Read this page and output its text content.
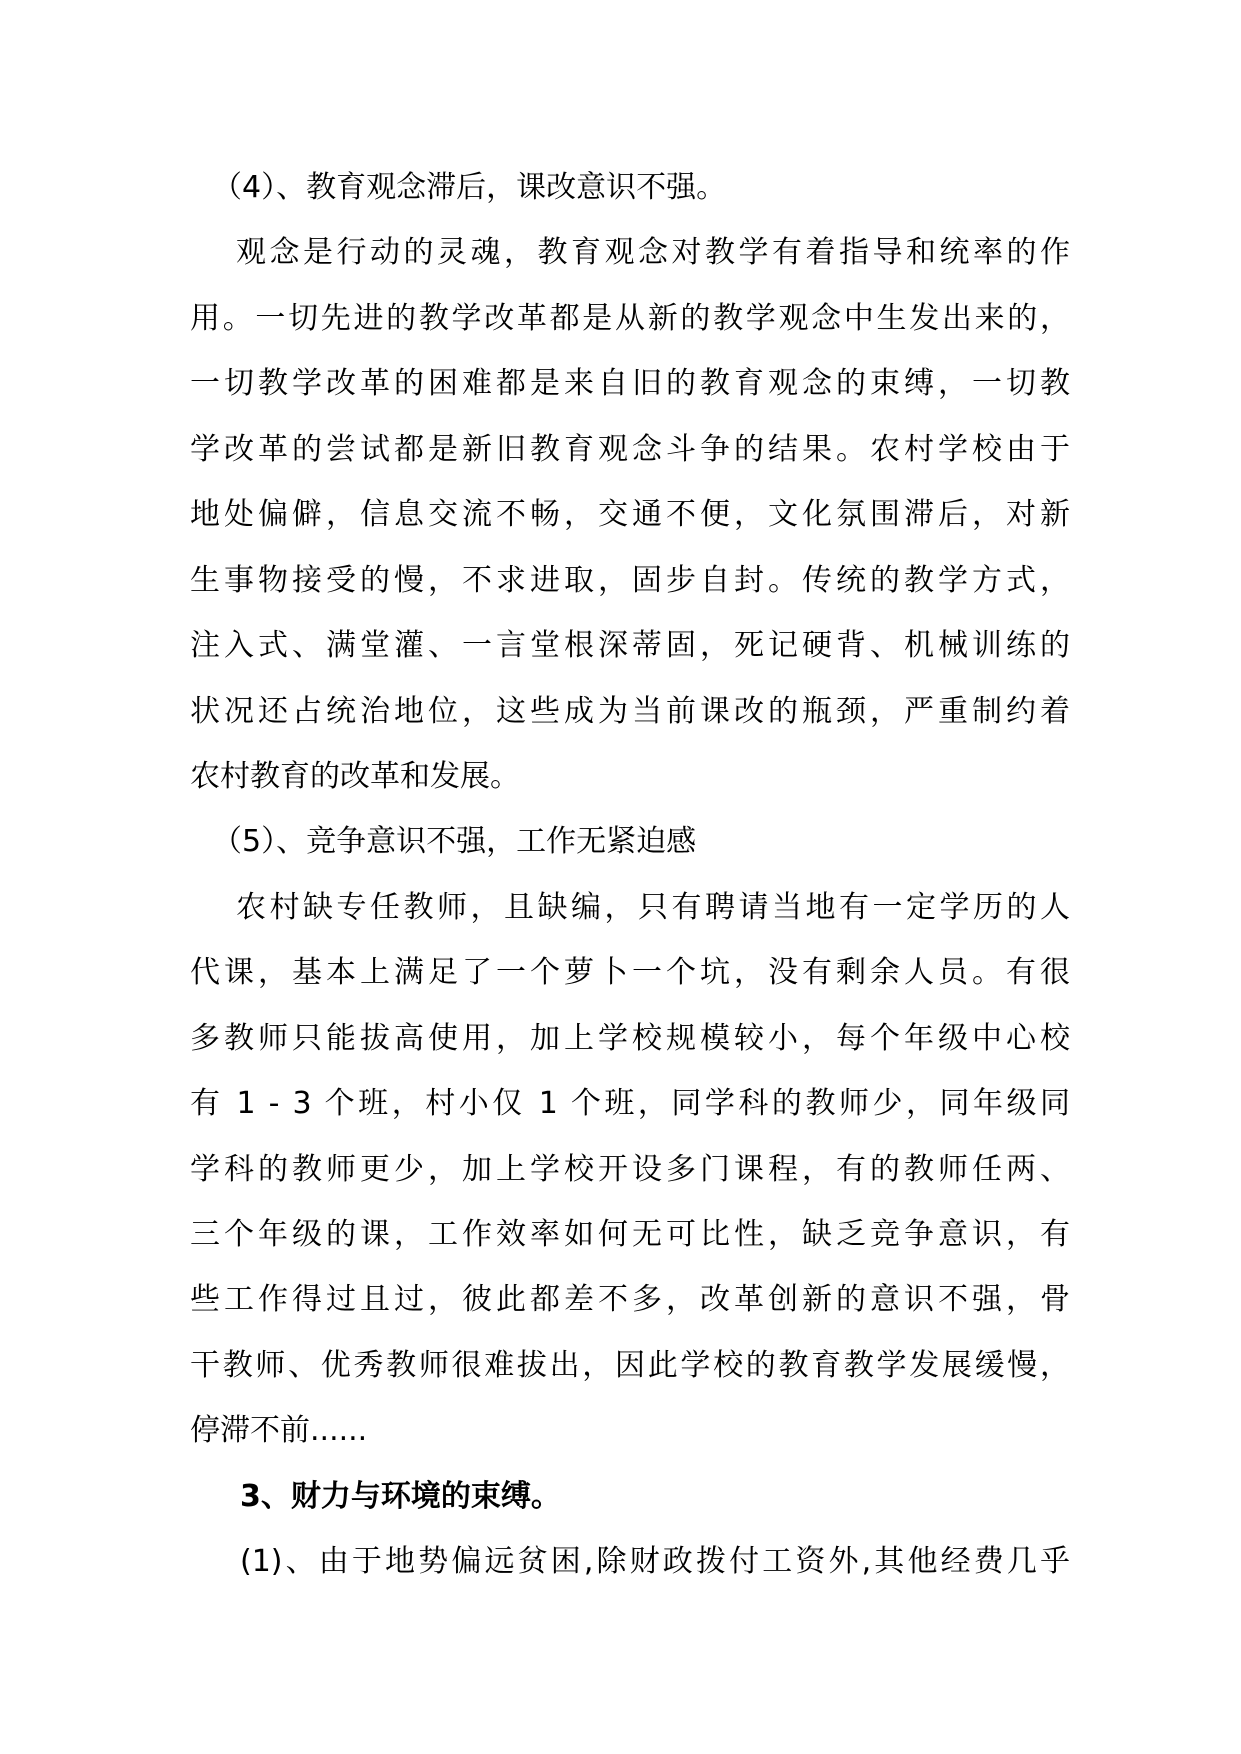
（4）、教育观念滞后，课改意识不强。
观念是行动的灵魂，教育观念对教学有着指导和统率的作
用。一切先进的教学改革都是从新的教学观念中生发出来的，
一切教学改革的困难都是来自旧的教育观念的束缚，一切教
学改革的尝试都是新旧教育观念斗争的结果。农村学校由于
地处偏僻，信息交流不畅，交通不便，文化氛围滞后，对新
生事物接受的慢，不求进取，固步自封。传统的教学方式，
注入式、满堂灌、一言堂根深蒂固，死记硬背、机械训练的
状况还占统治地位，这些成为当前课改的瓶颈，严重制约着
农村教育的改革和发展。
（5）、竞争意识不强，工作无紧迫感
农村缺专任教师，且缺编，只有聘请当地有一定学历的人
代课，基本上满足了一个萝卜一个坑，没有剩余人员。有很
多教师只能拔高使用，加上学校规模较小，每个年级中心校
有 1 - 3 个班，村小仅 1 个班，同学科的教师少，同年级同
学科的教师更少，加上学校开设多门课程，有的教师任两、
三个年级的课，工作效率如何无可比性，缺乏竞争意识，有
些工作得过且过，彼此都差不多，改革创新的意识不强，骨
干教师、优秀教师很难拔出，因此学校的教育教学发展缓慢，
停滞不前......
3、财力与环境的束缚。
(1)、由于地势偏远贫困,除财政拨付工资外,其他经费几乎
